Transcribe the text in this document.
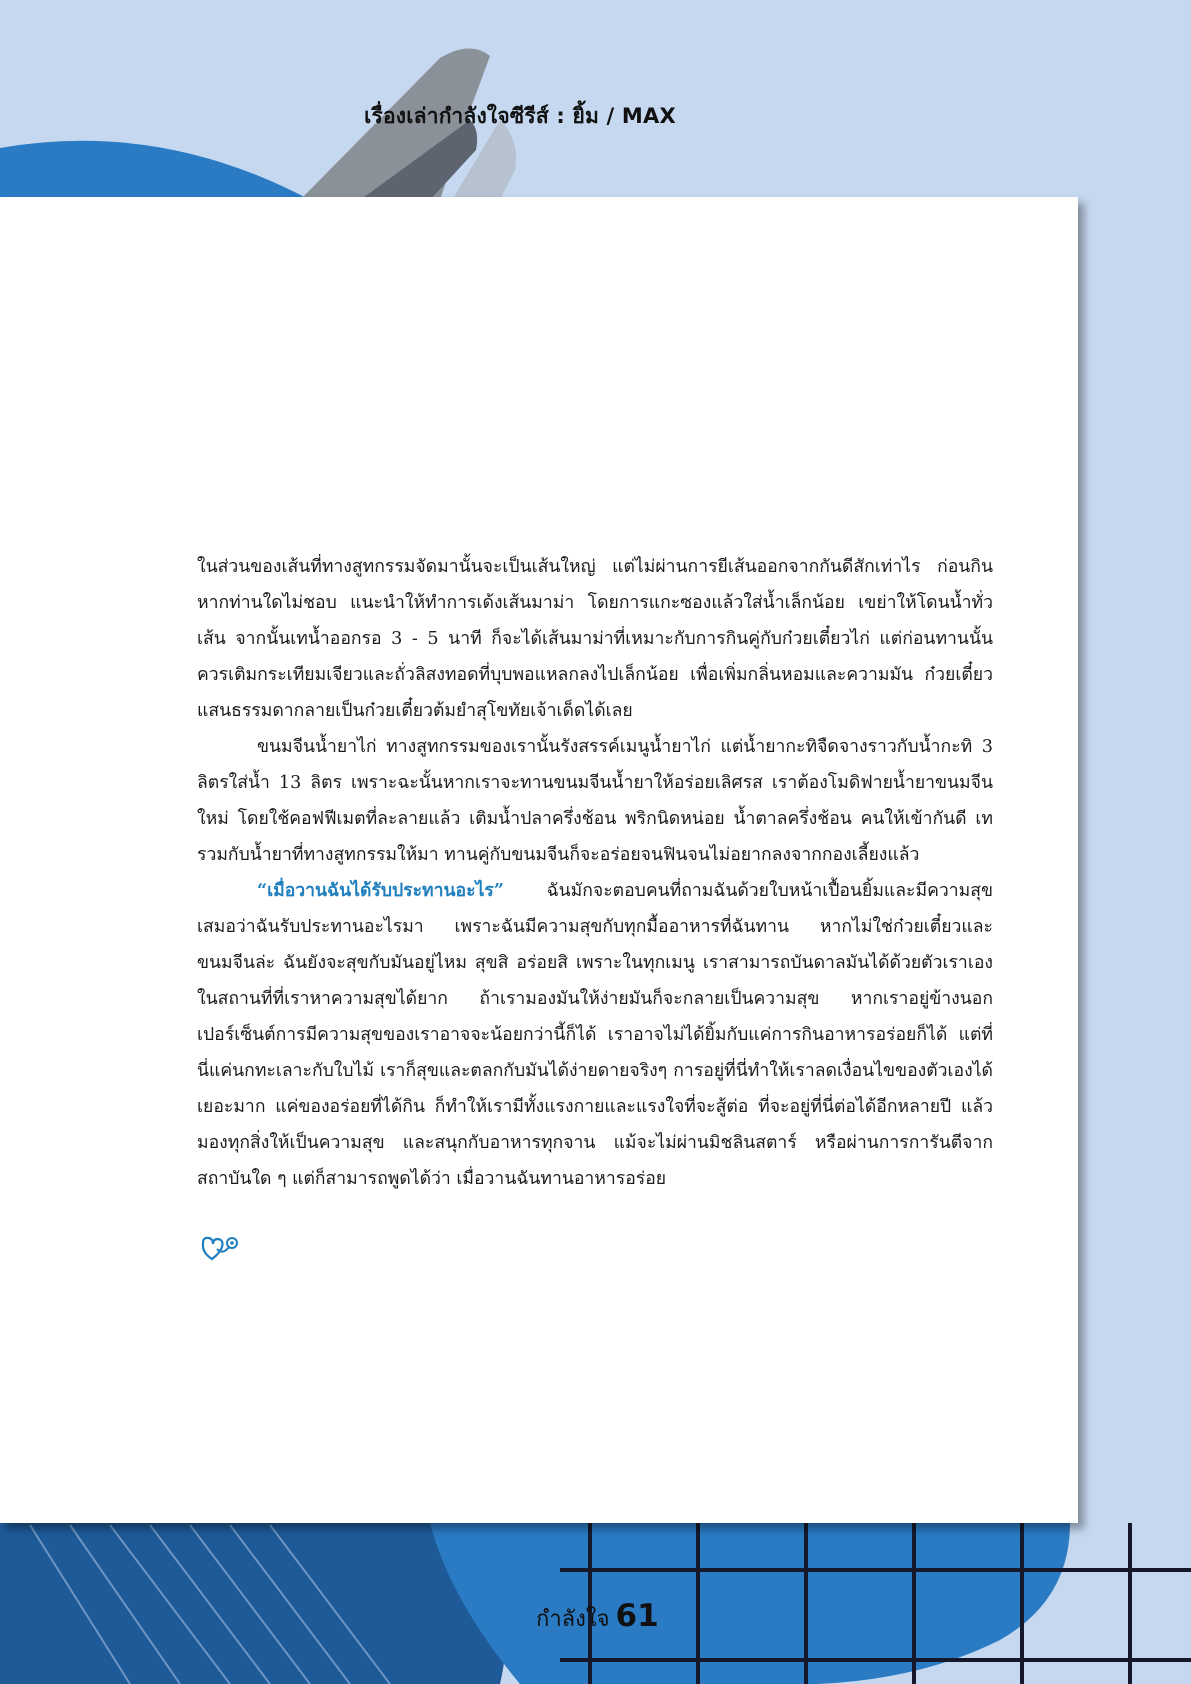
เรื่องเล่ากำลังใจซีรีส์ : ยิ้ม / MAX

ในส่วนของเส้นที่ทางสูทกรรมจัดมานั้นจะเป็นเส้นใหญ่ แต่ไม่ผ่านการยีเส้นออกจากกันดีสักเท่าไร ก่อนกินหากท่านใดไม่ชอบ แนะนำให้ทำการเด้งเส้นมาม่า โดยการแกะซองแล้วใส่น้ำเล็กน้อย เขย่าให้โดนน้ำทั่วเส้น จากนั้นเทน้ำออกรอ 3 - 5 นาที ก็จะได้เส้นมาม่าที่เหมาะกับการกินคู่กับก๋วยเตี๋ยวไก่ แต่ก่อนทานนั้น ควรเติมกระเทียมเจียวและถั่วลิสงทอดที่บุบพอแหลกลงไปเล็กน้อย เพื่อเพิ่มกลิ่นหอมและความมัน ก๋วยเตี๋ยวแสนธรรมดากลายเป็นก๋วยเตี๋ยวต้มยำสุโขทัยเจ้าเด็ดได้เลย

ขนมจีนน้ำยาไก่ ทางสูทกรรมของเรานั้นรังสรรค์เมนูน้ำยาไก่ แต่น้ำยากะทิจืดจางราวกับน้ำกะทิ 3 ลิตรใส่น้ำ 13 ลิตร เพราะฉะนั้นหากเราจะทานขนมจีนน้ำยาให้อร่อยเลิศรส เราต้องโมดิฟายน้ำยาขนมจีนใหม่ โดยใช้คอฟฟีเมตที่ละลายแล้ว เติมน้ำปลาครึ่งช้อน พริกนิดหน่อย น้ำตาลครึ่งช้อน คนให้เข้ากันดี เทรวมกับน้ำยาที่ทางสูทกรรมให้มา ทานคู่กับขนมจีนก็จะอร่อยจนฟินจนไม่อยากลงจากกองเลี้ยงแล้ว

“เมื่อวานฉันได้รับประทานอะไร” ฉันมักจะตอบคนที่ถามฉันด้วยใบหน้าเปื้อนยิ้มและมีความสุขเสมอว่าฉันรับประทานอะไรมา เพราะฉันมีความสุขกับทุกมื้ออาหารที่ฉันทาน หากไม่ใช่ก๋วยเตี๋ยวและขนมจีนล่ะ ฉันยังจะสุขกับมันอยู่ไหม สุขสิ อร่อยสิ เพราะในทุกเมนู เราสามารถบันดาลมันได้ด้วยตัวเราเอง ในสถานที่ที่เราหาความสุขได้ยาก ถ้าเรามองมันให้ง่ายมันก็จะกลายเป็นความสุข หากเราอยู่ข้างนอกเปอร์เซ็นต์การมีความสุขของเราอาจจะน้อยกว่านี้ก็ได้ เราอาจไม่ได้ยิ้มกับแค่การกินอาหารอร่อยก็ได้ แต่ที่นี่แค่นกทะเลาะกับใบไม้ เราก็สุขและตลกกับมันได้ง่ายดายจริงๆ การอยู่ที่นี่ทำให้เราลดเงื่อนไขของตัวเองได้เยอะมาก แค่ของอร่อยที่ได้กิน ก็ทำให้เรามีทั้งแรงกายและแรงใจที่จะสู้ต่อ ที่จะอยู่ที่นี่ต่อได้อีกหลายปี แล้วมองทุกสิ่งให้เป็นความสุข และสนุกกับอาหารทุกจาน แม้จะไม่ผ่านมิชลินสตาร์ หรือผ่านการการันตีจากสถาบันใด ๆ แต่ก็สามารถพูดได้ว่า เมื่อวานฉันทานอาหารอร่อย

กำลังใจ 61
